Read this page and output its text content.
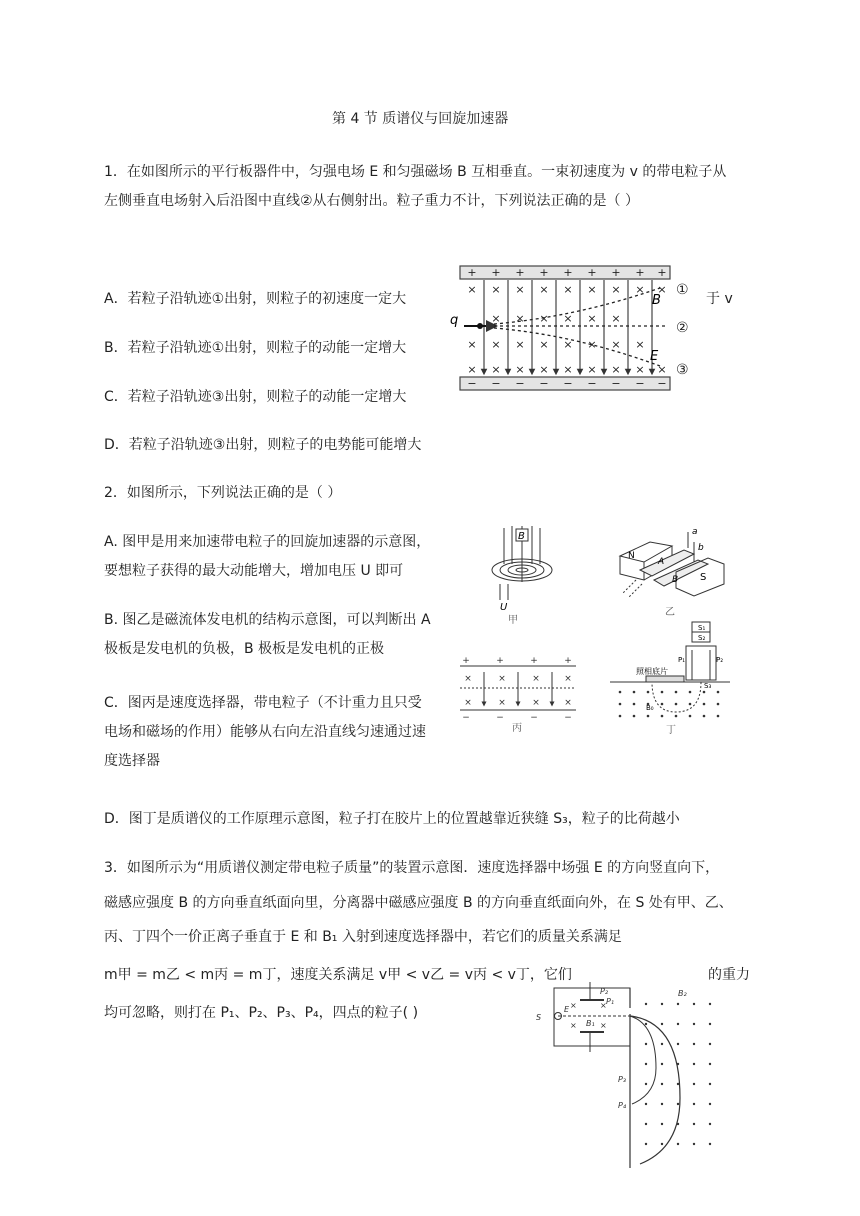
第 4 节 质谱仪与回旋加速器
1．在如图所示的平行板器件中，匀强电场 E 和匀强磁场 B 互相垂直。一束初速度为 v 的带电粒子从
左侧垂直电场射入后沿图中直线②从右侧射出。粒子重力不计，下列说法正确的是（ ）
A．若粒子沿轨迹①出射，则粒子的初速度一定大	于 v
B．若粒子沿轨迹①出射，则粒子的动能一定增大
C．若粒子沿轨迹③出射，则粒子的动能一定增大
D．若粒子沿轨迹③出射，则粒子的电势能可能增大
+ + + + + + + + +
− − − − − − − − −
× × × × × × × × ×
× × × × × ×
× × × × × × × ×
× × × × × × × × ×
q
B
E
①
②
③
2．如图所示，下列说法正确的是（ ）
A. 图甲是用来加速带电粒子的回旋加速器的示意图，
要想粒子获得的最大动能增大，增加电压 U 即可
B. 图乙是磁流体发电机的结构示意图，可以判断出 A
极板是发电机的负极，B 极板是发电机的正极
C．图丙是速度选择器，带电粒子（不计重力且只受
电场和磁场的作用）能够从右向左沿直线匀速通过速
度选择器
D．图丁是质谱仪的工作原理示意图，粒子打在胶片上的位置越靠近狭缝 S₃，粒子的比荷越小
B
U
甲
N
S
A
B
a
b
乙
+	+	+	+
−	−	−	−
×	×	×	×
×	×	×	×
丙
S₁
S₂
S₃
P₁	P₂
照相底片
B₀
丁
3．如图所示为“用质谱仪测定带电粒子质量”的装置示意图．速度选择器中场强 E 的方向竖直向下，
磁感应强度 B 的方向垂直纸面向里，分离器中磁感应强度 B 的方向垂直纸面向外，在 S 处有甲、乙、
丙、丁四个一价正离子垂直于 E 和 B₁ 入射到速度选择器中，若它们的质量关系满足
m甲 = m乙 < m丙 = m丁，速度关系满足 v甲 < v乙 = v丙 < v丁，它们	的重力
均可忽略，则打在 P₁、P₂、P₃、P₄，四点的粒子( )	×	×
×	×
S
E
B₁
B₂
P₁
P₃
P₄
P₂
